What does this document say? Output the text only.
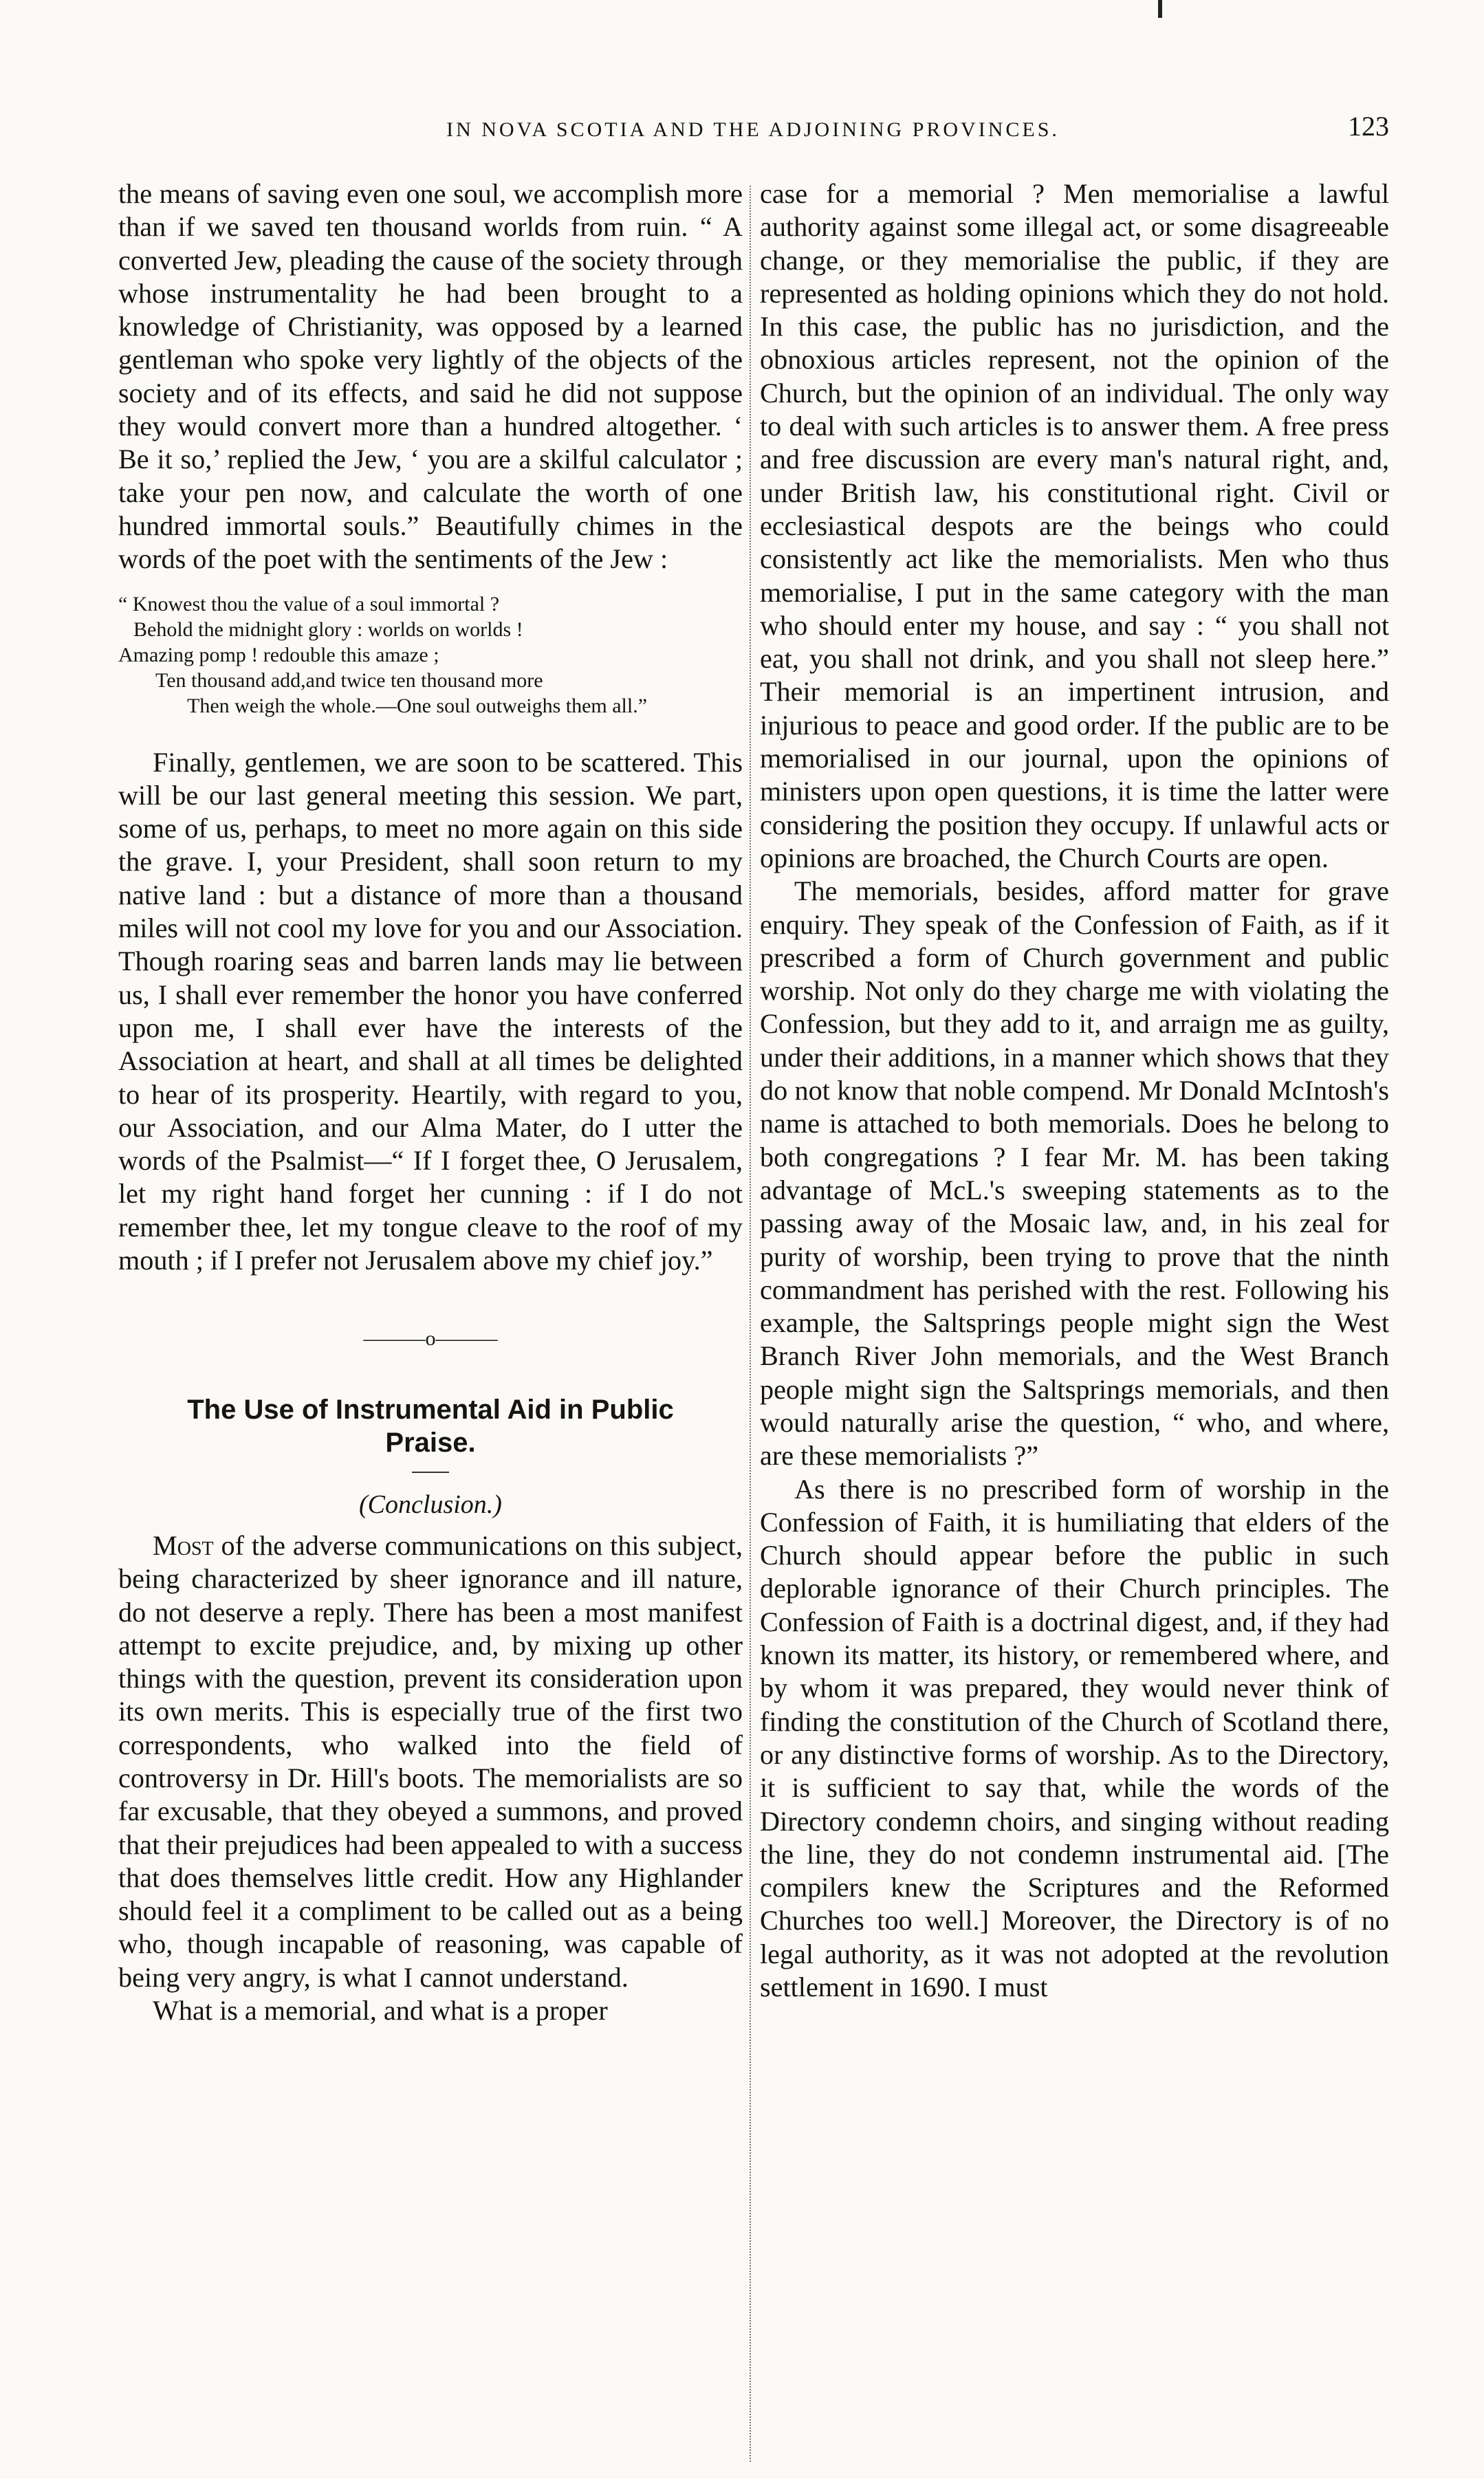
IN NOVA SCOTIA AND THE ADJOINING PROVINCES.	123

the means of saving even one soul, we accomplish more than if we saved ten thousand worlds from ruin. “ A converted Jew, pleading the cause of the society through whose instrumentality he had been brought to a knowledge of Christianity, was opposed by a learned gentleman who spoke very lightly of the objects of the society and of its effects, and said he did not suppose they would convert more than a hundred altogether. ‘ Be it so,’ replied the Jew, ‘ you are a skilful calculator ; take your pen now, and calculate the worth of one hundred immortal souls.” Beautifully chimes in the words of the poet with the sentiments of the Jew :

“ Knowest thou the value of a soul immortal ?
Behold the midnight glory : worlds on worlds !
Amazing pomp ! redouble this amaze ;
Ten thousand add,and twice ten thousand more
Then weigh the whole.—One soul outweighs them all.”

Finally, gentlemen, we are soon to be scattered. This will be our last general meeting this session. We part, some of us, perhaps, to meet no more again on this side the grave. I, your President, shall soon return to my native land : but a distance of more than a thousand miles will not cool my love for you and our Association. Though roaring seas and barren lands may lie between us, I shall ever remember the honor you have conferred upon me, I shall ever have the interests of the Association at heart, and shall at all times be delighted to hear of its prosperity. Heartily, with regard to you, our Association, and our Alma Mater, do I utter the words of the Psalmist—“ If I forget thee, O Jerusalem, let my right hand forget her cunning : if I do not remember thee, let my tongue cleave to the roof of my mouth ; if I prefer not Jerusalem above my chief joy.”

———o———
The Use of Instrumental Aid in Public Praise.
(Conclusion.)

Most of the adverse communications on this subject, being characterized by sheer ignorance and ill nature, do not deserve a reply. There has been a most manifest attempt to excite prejudice, and, by mixing up other things with the question, prevent its consideration upon its own merits. This is especially true of the first two correspondents, who walked into the field of controversy in Dr. Hill's boots. The memorialists are so far excusable, that they obeyed a summons, and proved that their prejudices had been appealed to with a success that does themselves little credit. How any Highlander should feel it a compliment to be called out as a being who, though incapable of reasoning, was capable of being very angry, is what I cannot understand.

What is a memorial, and what is a proper

case for a memorial ? Men memorialise a lawful authority against some illegal act, or some disagreeable change, or they memorialise the public, if they are represented as holding opinions which they do not hold. In this case, the public has no jurisdiction, and the obnoxious articles represent, not the opinion of the Church, but the opinion of an individual. The only way to deal with such articles is to answer them. A free press and free discussion are every man's natural right, and, under British law, his constitutional right. Civil or ecclesiastical despots are the beings who could consistently act like the memorialists. Men who thus memorialise, I put in the same category with the man who should enter my house, and say : “ you shall not eat, you shall not drink, and you shall not sleep here.” Their memorial is an impertinent intrusion, and injurious to peace and good order. If the public are to be memorialised in our journal, upon the opinions of ministers upon open questions, it is time the latter were considering the position they occupy. If unlawful acts or opinions are broached, the Church Courts are open.

The memorials, besides, afford matter for grave enquiry. They speak of the Confession of Faith, as if it prescribed a form of Church government and public worship. Not only do they charge me with violating the Confession, but they add to it, and arraign me as guilty, under their additions, in a manner which shows that they do not know that noble compend. Mr Donald McIntosh's name is attached to both memorials. Does he belong to both congregations ? I fear Mr. M. has been taking advantage of McL.'s sweeping statements as to the passing away of the Mosaic law, and, in his zeal for purity of worship, been trying to prove that the ninth commandment has perished with the rest. Following his example, the Saltsprings people might sign the West Branch River John memorials, and the West Branch people might sign the Saltsprings memorials, and then would naturally arise the question, “ who, and where, are these memorialists ?”

As there is no prescribed form of worship in the Confession of Faith, it is humiliating that elders of the Church should appear before the public in such deplorable ignorance of their Church principles. The Confession of Faith is a doctrinal digest, and, if they had known its matter, its history, or remembered where, and by whom it was prepared, they would never think of finding the constitution of the Church of Scotland there, or any distinctive forms of worship. As to the Directory, it is sufficient to say that, while the words of the Directory condemn choirs, and singing without reading the line, they do not condemn instrumental aid. [The compilers knew the Scriptures and the Reformed Churches too well.] Moreover, the Directory is of no legal authority, as it was not adopted at the revolution settlement in 1690. I must
